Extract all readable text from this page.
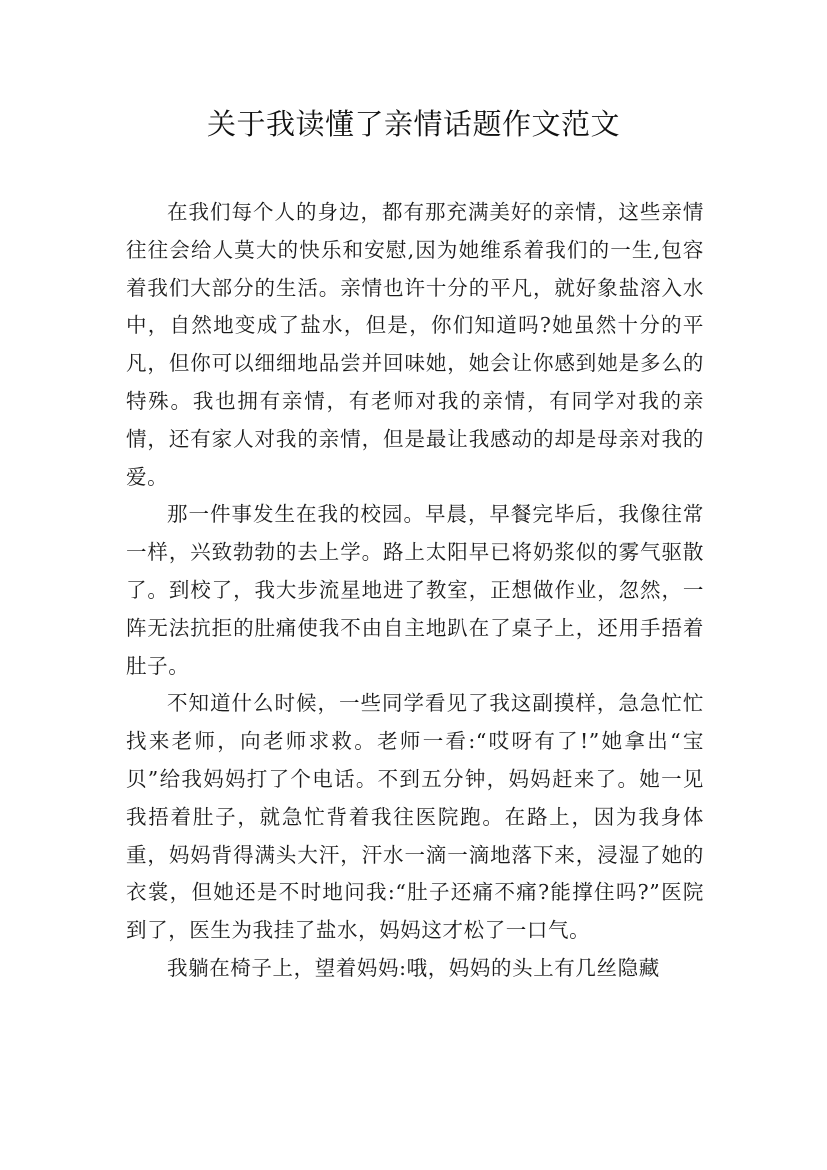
关于我读懂了亲情话题作文范文

在我们每个人的身边，都有那充满美好的亲情，这些亲情往往会给人莫大的快乐和安慰,因为她维系着我们的一生,包容着我们大部分的生活。亲情也许十分的平凡，就好象盐溶入水中，自然地变成了盐水，但是，你们知道吗?她虽然十分的平凡，但你可以细细地品尝并回味她，她会让你感到她是多么的特殊。我也拥有亲情，有老师对我的亲情，有同学对我的亲情，还有家人对我的亲情，但是最让我感动的却是母亲对我的爱。

那一件事发生在我的校园。早晨，早餐完毕后，我像往常一样，兴致勃勃的去上学。路上太阳早已将奶浆似的雾气驱散了。到校了，我大步流星地进了教室，正想做作业，忽然，一阵无法抗拒的肚痛使我不由自主地趴在了桌子上，还用手捂着肚子。

不知道什么时候，一些同学看见了我这副摸样，急急忙忙找来老师，向老师求救。老师一看:“哎呀有了!”她拿出“宝贝”给我妈妈打了个电话。不到五分钟，妈妈赶来了。她一见我捂着肚子，就急忙背着我往医院跑。在路上，因为我身体重，妈妈背得满头大汗，汗水一滴一滴地落下来，浸湿了她的衣裳，但她还是不时地问我:“肚子还痛不痛?能撑住吗?”医院到了，医生为我挂了盐水，妈妈这才松了一口气。

我躺在椅子上，望着妈妈:哦，妈妈的头上有几丝隐藏
